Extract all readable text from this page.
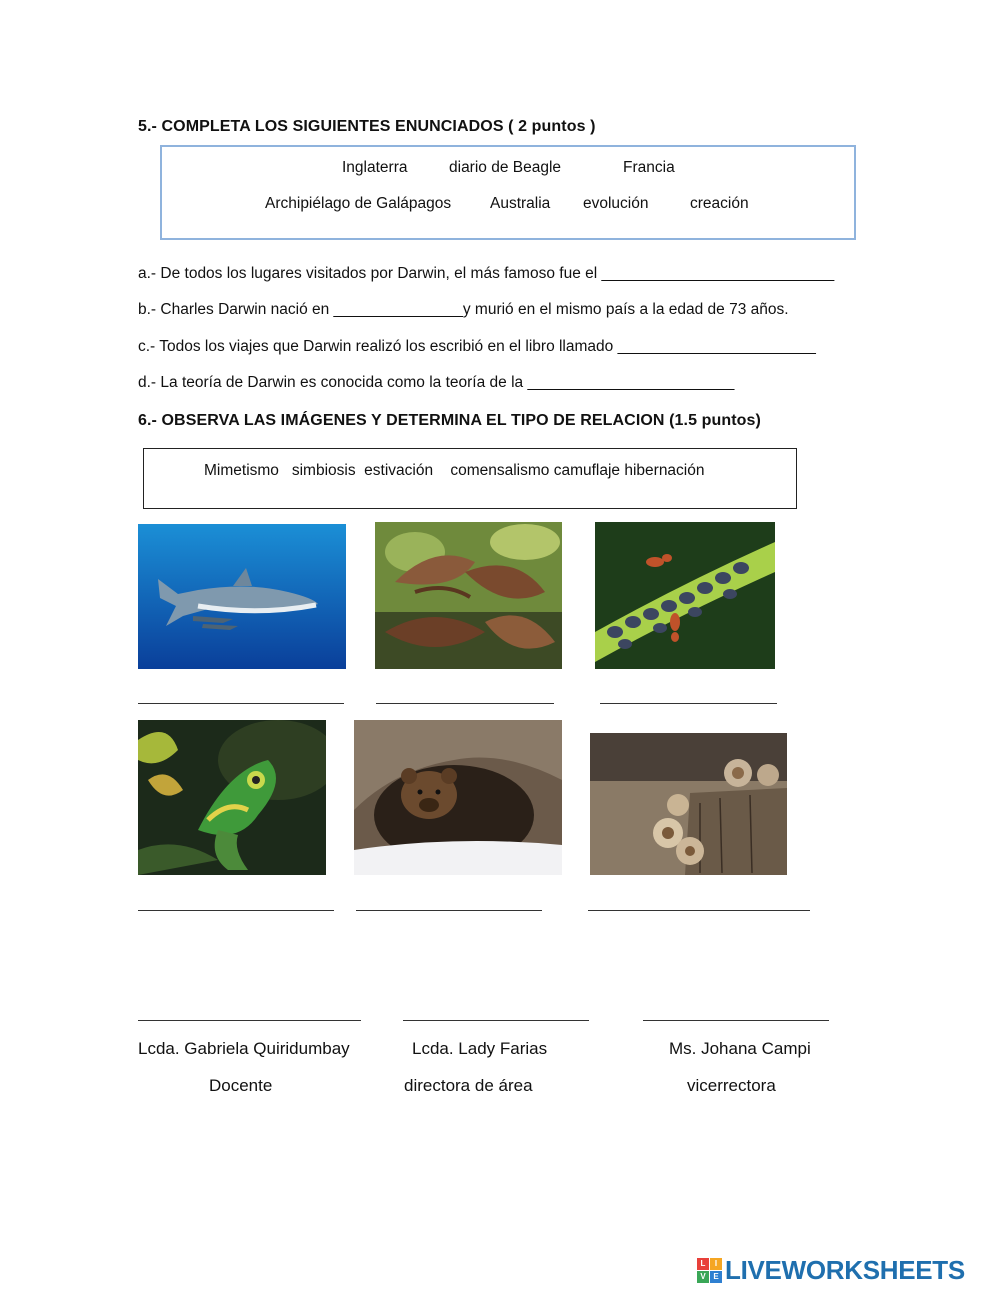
5.- COMPLETA LOS SIGUIENTES ENUNCIADOS ( 2 puntos )
Inglaterra	diario de Beagle	Francia
Archipiélago de Galápagos	Australia evolución	creación
a.- De todos los lugares visitados por Darwin, el más famoso fue el ___________________________
b.- Charles Darwin nació en _______________y murió en el mismo país a la edad de 73 años.
c.- Todos los viajes que Darwin realizó los escribió en el libro llamado _______________________
d.- La teoría de Darwin es conocida como la teoría de la ________________________
6.- OBSERVA LAS IMÁGENES Y DETERMINA EL TIPO DE RELACION (1.5 puntos)
Mimetismo   simbiosis  estivación    comensalismo camuflaje hibernación
Lcda. Gabriela Quiridumbay	Lcda. Lady Farias	Ms. Johana Campi
Docente	directora de área	vicerrectora
L	I
V E LIVEWORKSHEETS
